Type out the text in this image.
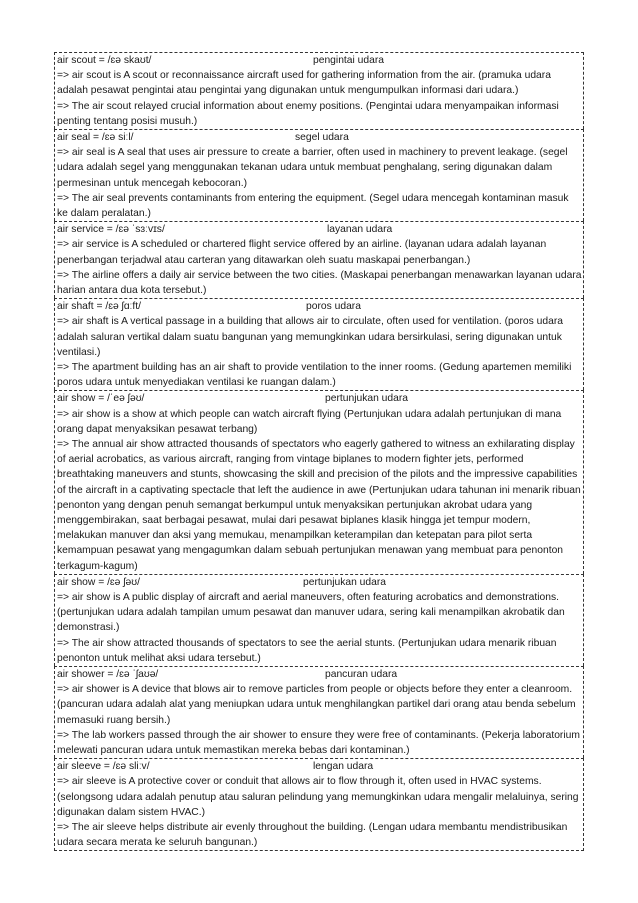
air scout = /ɛə skaʊt/	pengintai udara
=> air scout is A scout or reconnaissance aircraft used for gathering information from the air. (pramuka udara adalah pesawat pengintai atau pengintai yang digunakan untuk mengumpulkan informasi dari udara.)
=> The air scout relayed crucial information about enemy positions. (Pengintai udara menyampaikan informasi penting tentang posisi musuh.)
air seal = /ɛə siːl/	segel udara
=> air seal is A seal that uses air pressure to create a barrier, often used in machinery to prevent leakage. (segel udara adalah segel yang menggunakan tekanan udara untuk membuat penghalang, sering digunakan dalam permesinan untuk mencegah kebocoran.)
=> The air seal prevents contaminants from entering the equipment. (Segel udara mencegah kontaminan masuk ke dalam peralatan.)
air service = /ɛə ˈsɜːvɪs/	layanan udara
=> air service is A scheduled or chartered flight service offered by an airline. (layanan udara adalah layanan penerbangan terjadwal atau carteran yang ditawarkan oleh suatu maskapai penerbangan.)
=> The airline offers a daily air service between the two cities. (Maskapai penerbangan menawarkan layanan udara harian antara dua kota tersebut.)
air shaft = /ɛə ʃɑːft/	poros udara
=> air shaft is A vertical passage in a building that allows air to circulate, often used for ventilation. (poros udara adalah saluran vertikal dalam suatu bangunan yang memungkinkan udara bersirkulasi, sering digunakan untuk ventilasi.)
=> The apartment building has an air shaft to provide ventilation to the inner rooms. (Gedung apartemen memiliki poros udara untuk menyediakan ventilasi ke ruangan dalam.)
air show = /ˈeə ʃəʊ/	pertunjukan udara
=> air show is a show at which people can watch aircraft flying (Pertunjukan udara adalah pertunjukan di mana orang dapat menyaksikan pesawat terbang)
=> The annual air show attracted thousands of spectators who eagerly gathered to witness an exhilarating display of aerial acrobatics, as various aircraft, ranging from vintage biplanes to modern fighter jets, performed breathtaking maneuvers and stunts, showcasing the skill and precision of the pilots and the impressive capabilities of the aircraft in a captivating spectacle that left the audience in awe (Pertunjukan udara tahunan ini menarik ribuan penonton yang dengan penuh semangat berkumpul untuk menyaksikan pertunjukan akrobat udara yang menggembirakan, saat berbagai pesawat, mulai dari pesawat biplanes klasik hingga jet tempur modern, melakukan manuver dan aksi yang memukau, menampilkan keterampilan dan ketepatan para pilot serta kemampuan pesawat yang mengagumkan dalam sebuah pertunjukan menawan yang membuat para penonton terkagum-kagum)
air show = /ɛə ʃəʊ/	pertunjukan udara
=> air show is A public display of aircraft and aerial maneuvers, often featuring acrobatics and demonstrations. (pertunjukan udara adalah tampilan umum pesawat dan manuver udara, sering kali menampilkan akrobatik dan demonstrasi.)
=> The air show attracted thousands of spectators to see the aerial stunts. (Pertunjukan udara menarik ribuan penonton untuk melihat aksi udara tersebut.)
air shower = /ɛə ˈʃaʊə/	pancuran udara
=> air shower is A device that blows air to remove particles from people or objects before they enter a cleanroom. (pancuran udara adalah alat yang meniupkan udara untuk menghilangkan partikel dari orang atau benda sebelum memasuki ruang bersih.)
=> The lab workers passed through the air shower to ensure they were free of contaminants. (Pekerja laboratorium melewati pancuran udara untuk memastikan mereka bebas dari kontaminan.)
air sleeve = /ɛə sliːv/	lengan udara
=> air sleeve is A protective cover or conduit that allows air to flow through it, often used in HVAC systems. (selongsong udara adalah penutup atau saluran pelindung yang memungkinkan udara mengalir melaluinya, sering digunakan dalam sistem HVAC.)
=> The air sleeve helps distribute air evenly throughout the building. (Lengan udara membantu mendistribusikan udara secara merata ke seluruh bangunan.)
